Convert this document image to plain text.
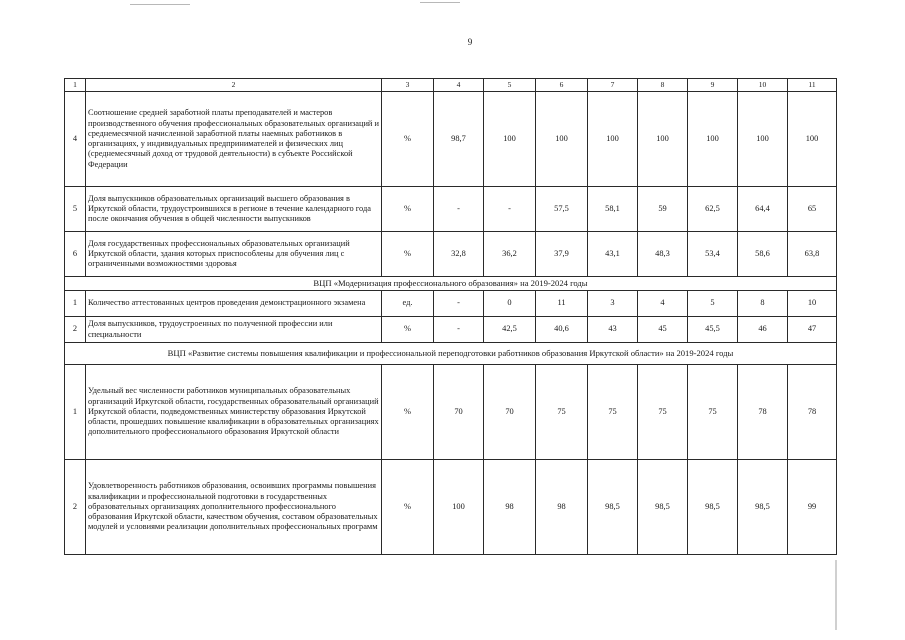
9
1	2	3	4	5	6	7	8	9	10	11
4	Соотношение средней заработной платы преподавателей и мастеров производственного обучения профессиональных образовательных организаций и среднемесячной начисленной заработной платы наемных работников в организациях, у индивидуальных предпринимателей и физических лиц (среднемесячный доход от трудовой деятельности) в субъекте Российской Федерации	%	98,7	100	100	100	100	100	100	100
5	Доля выпускников образовательных организаций высшего образования в Иркутской области, трудоустроившихся в регионе в течение календарного года после окончания обучения в общей численности выпускников	%	-	-	57,5	58,1	59	62,5	64,4	65
6	Доля государственных профессиональных образовательных организаций Иркутской области, здания которых приспособлены для обучения лиц с ограниченными возможностями здоровья	%	32,8	36,2	37,9	43,1	48,3	53,4	58,6	63,8
ВЦП «Модернизация профессионального образования» на 2019-2024 годы										
1	Количество аттестованных центров проведения демонстрационного экзамена	ед.	-	0	11	3	4	5	8	10
2	Доля выпускников, трудоустроенных по полученной профессии или специальности	%	-	42,5	40,6	43	45	45,5	46	47
ВЦП «Развитие системы повышения квалификации и профессиональной переподготовки работников образования Иркутской области» на 2019-2024 годы										
1	Удельный вес численности работников муниципальных образовательных организаций Иркутской области, государственных образовательный организаций Иркутской области, подведомственных министерству образования Иркутской области, прошедших повышение квалификации в образовательных организациях дополнительного профессионального образования Иркутской области	%	70	70	75	75	75	75	78	78
2	Удовлетворенность работников образования, освоивших программы повышения квалификации и профессиональной подготовки в государственных образовательных организациях дополнительного профессионального образования Иркутской области, качеством обучения, составом образовательных модулей и условиями реализации дополнительных профессиональных программ	%	100	98	98	98,5	98,5	98,5	98,5	99
